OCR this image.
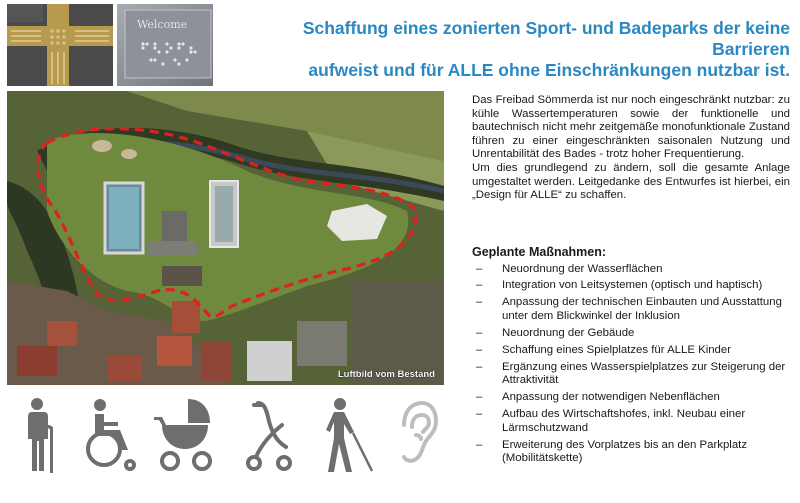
Welcome	Schaffung eines zonierten Sport- und Badeparks der keine Barrieren
aufweist und für ALLE ohne Einschränkungen nutzbar ist.
Luftbild vom Bestand

Das Freibad Sömmerda ist nur noch eingeschränkt nutzbar: zu kühle Wassertemperaturen sowie der funktionelle und bautechnisch nicht mehr zeitgemäße monofunktionale Zustand führen zu einer eingeschränkten saisonalen Nutzung und Unrentabilität des Bades - trotz hoher Frequentierung.

Um dies grundlegend zu ändern, soll die gesamte Anlage umgestaltet werden. Leitgedanke des Entwurfes ist hierbei, ein „Design für ALLE“ zu schaffen.

Geplante Maßnahmen:
– Neuordnung der Wasserflächen
– Integration von Leitsystemen (optisch und haptisch)
– Anpassung der technischen Einbauten und Ausstattung unter dem Blickwinkel der Inklusion
– Neuordnung der Gebäude
– Schaffung eines Spielplatzes für ALLE Kinder
– Ergänzung eines Wasserspielplatzes zur Steigerung der Attraktivität
– Anpassung der notwendigen Nebenflächen
– Aufbau des Wirtschaftshofes, inkl. Neubau einer Lärmschutzwand
– Erweiterung des Vorplatzes bis an den Parkplatz (Mobilitätskette)
